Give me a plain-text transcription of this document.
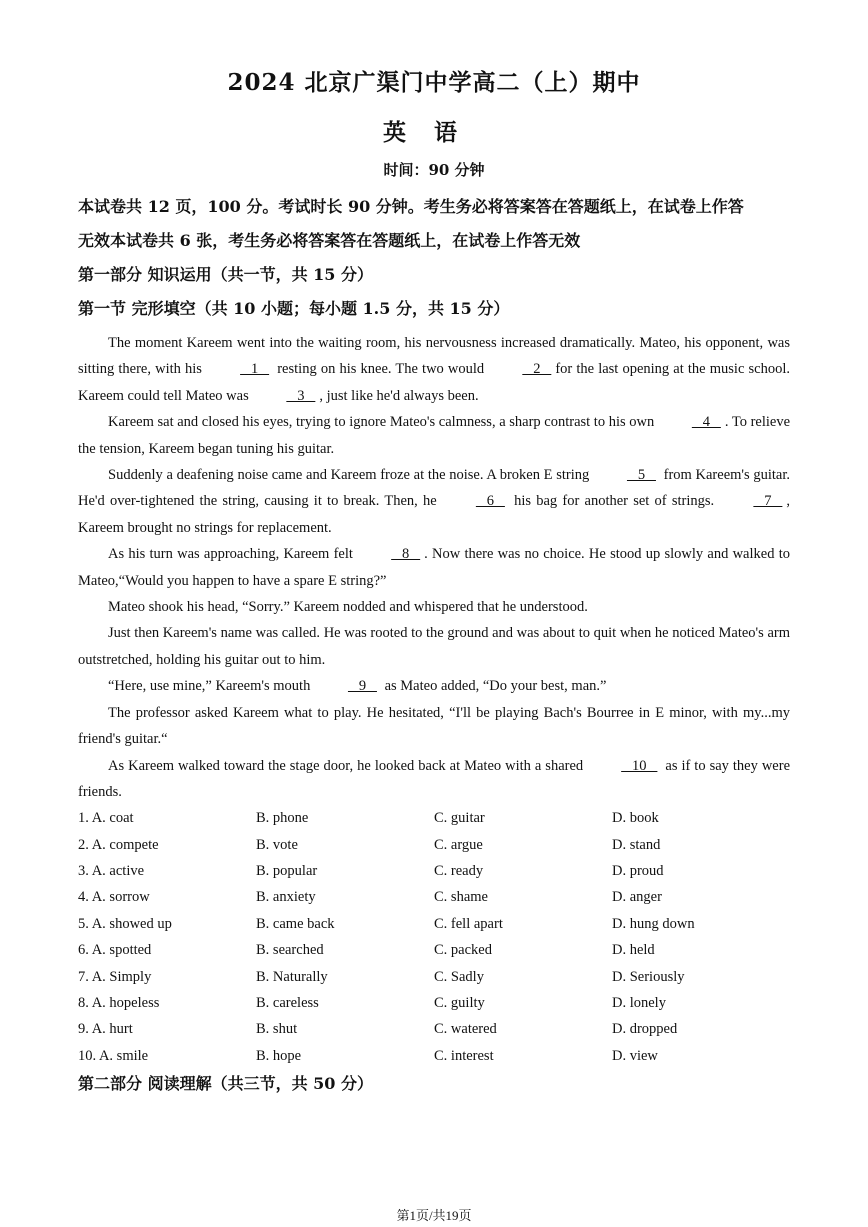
2024 北京广渠门中学高二（上）期中
英语
时间：90 分钟
本试卷共 12 页，100 分。考试时长 90 分钟。考生务必将答案答在答题纸上，在试卷上作答
无效本试卷共 6 张，考生务必将答案答在答题纸上，在试卷上作答无效
第一部分 知识运用（共一节，共 15 分）
第一节 完形填空（共 10 小题；每小题 1.5 分，共 15 分）

The moment Kareem went into the waiting room, his nervousness increased dramatically. Mateo, his opponent, was sitting there, with his    1    resting on his knee. The two would    2   for the last opening at the music school. Kareem could tell Mateo was    3   , just like he'd always been.

Kareem sat and closed his eyes, trying to ignore Mateo's calmness, a sharp contrast to his own    4   . To relieve the tension, Kareem began tuning his guitar.

Suddenly a deafening noise came and Kareem froze at the noise. A broken E string    5    from Kareem's guitar. He'd over-tightened the string, causing it to break. Then, he    6    his bag for another set of strings.    7   , Kareem brought no strings for replacement.

As his turn was approaching, Kareem felt    8   . Now there was no choice. He stood up slowly and walked to Mateo,“Would you happen to have a spare E string?”

Mateo shook his head, “Sorry.” Kareem nodded and whispered that he understood.

Just then Kareem's name was called. He was rooted to the ground and was about to quit when he noticed Mateo's arm outstretched, holding his guitar out to him.

“Here, use mine,” Kareem's mouth    9    as Mateo added, “Do your best, man.”

The professor asked Kareem what to play. He hesitated, “I'll be playing Bach's Bourree in E minor, with my...my friend's guitar.“

As Kareem walked toward the stage door, he looked back at Mateo with a shared    10    as if to say they were friends.

1. A. coat	B. phone	C. guitar	D. book
2. A. compete	B. vote	C. argue	D. stand
3. A. active	B. popular	C. ready	D. proud
4. A. sorrow	B. anxiety	C. shame	D. anger
5. A. showed up	B. came back	C. fell apart	D. hung down
6. A. spotted	B. searched	C. packed	D. held
7. A. Simply	B. Naturally	C. Sadly	D. Seriously
8. A. hopeless	B. careless	C. guilty	D. lonely
9. A. hurt	B. shut	C. watered	D. dropped
10. A. smile	B. hope	C. interest	D. view
第二部分 阅读理解（共三节，共 50 分）
第1页/共19页
